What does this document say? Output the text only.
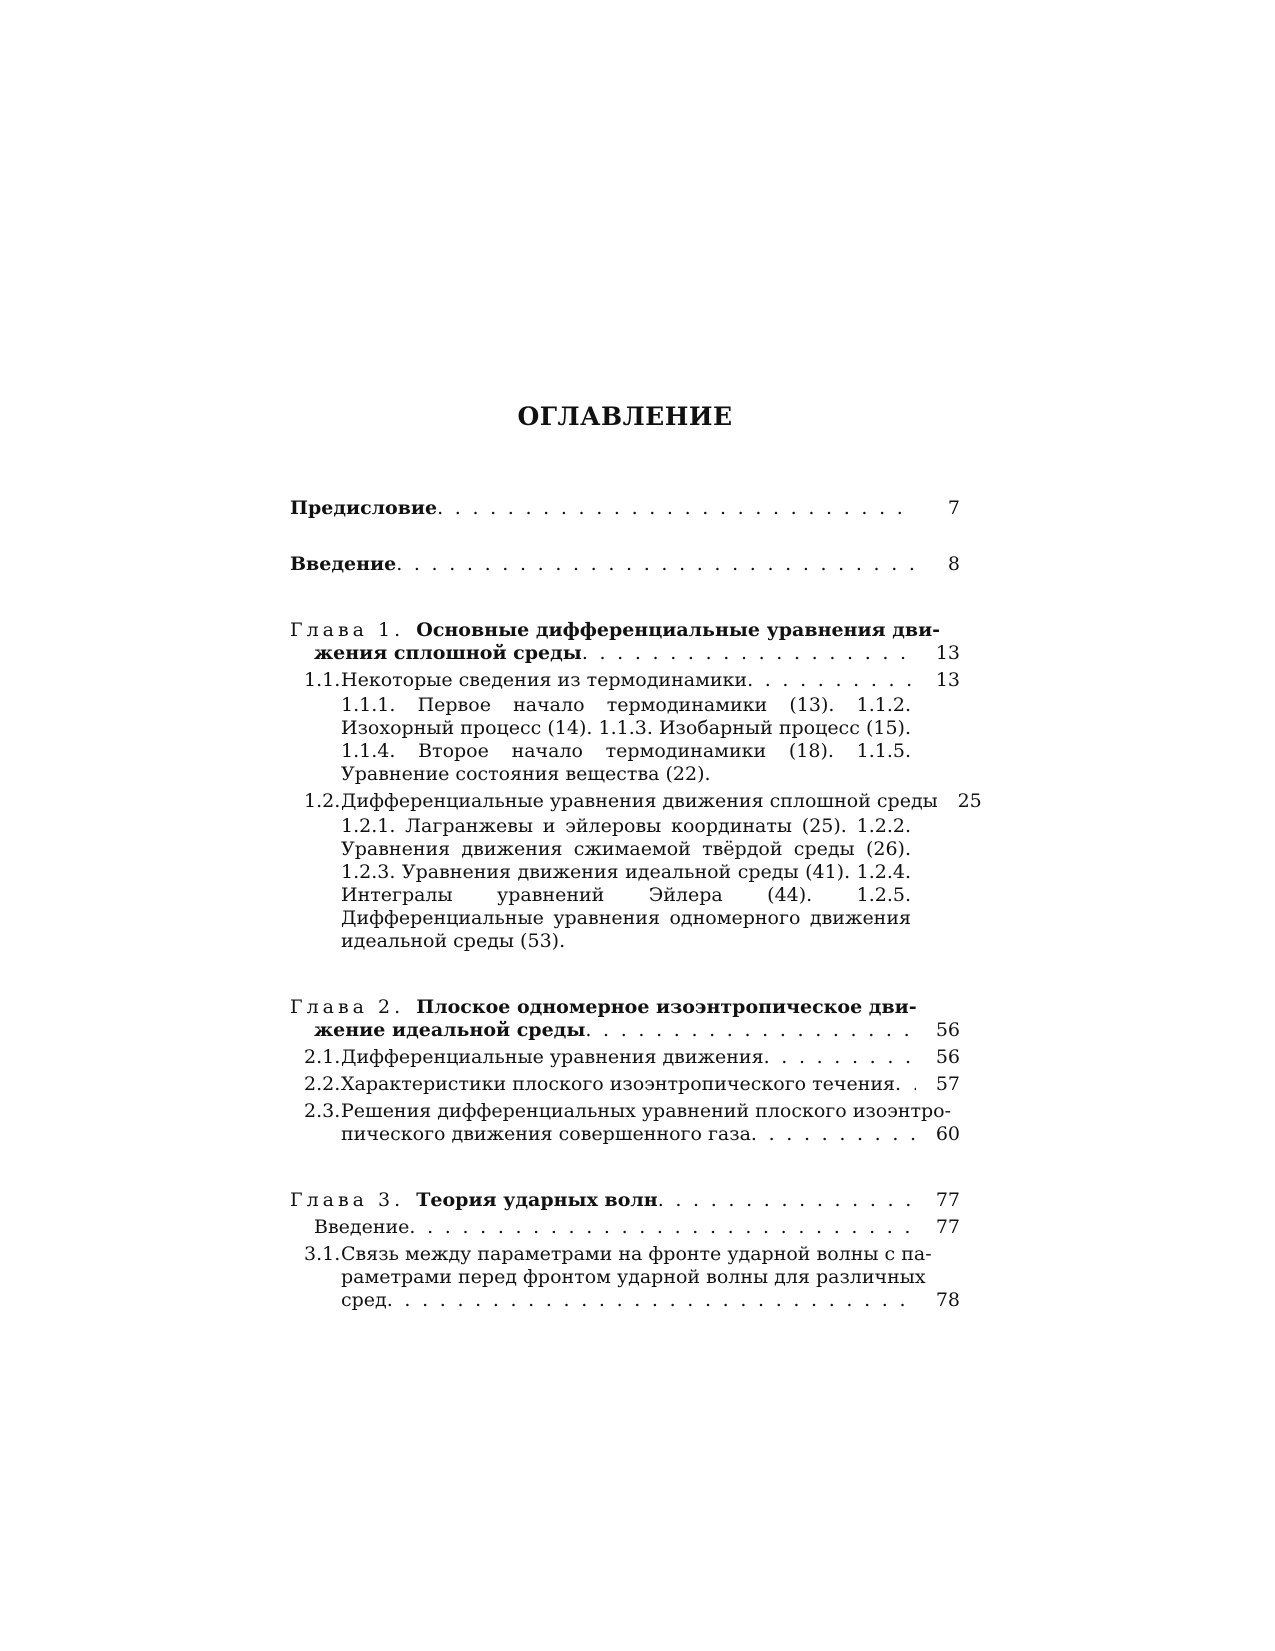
ОГЛАВЛЕНИЕ
Предисловие . . .	7
Введение . . .	8
Глава 1. Основные дифференциальные уравнения дви-
жения сплошной среды . . .	13
1.1.Некоторые сведения из термодинамики . . .	13
1.1.1. Первое начало термодинамики (13). 1.1.2. Изохорный процесс (14). 1.1.3. Изобарный процесс (15). 1.1.4. Второе начало термодинамики (18). 1.1.5. Уравнение состояния вещества (22).
1.2.Дифференциальные уравнения движения сплошной среды	25
1.2.1. Лагранжевы и эйлеровы координаты (25). 1.2.2. Уравнения движения сжимаемой твёрдой среды (26). 1.2.3. Уравнения движения идеальной среды (41). 1.2.4. Интегралы уравнений Эйлера (44). 1.2.5. Дифференциальные уравнения одномерного движения идеальной среды (53).
Глава 2. Плоское одномерное изоэнтропическое дви-
жение идеальной среды . . .	56
2.1.Дифференциальные уравнения движения . . .	56
2.2.Характеристики плоского изоэнтропического течения . . .	57
2.3.Решения дифференциальных уравнений плоского изоэнтро-
пического движения совершенного газа . . .	60
Глава 3. Теория ударных волн . . .	77
Введение . . .	77
3.1.Связь между параметрами на фронте ударной волны с па-
раметрами перед фронтом ударной волны для различных
сред . . .	78
